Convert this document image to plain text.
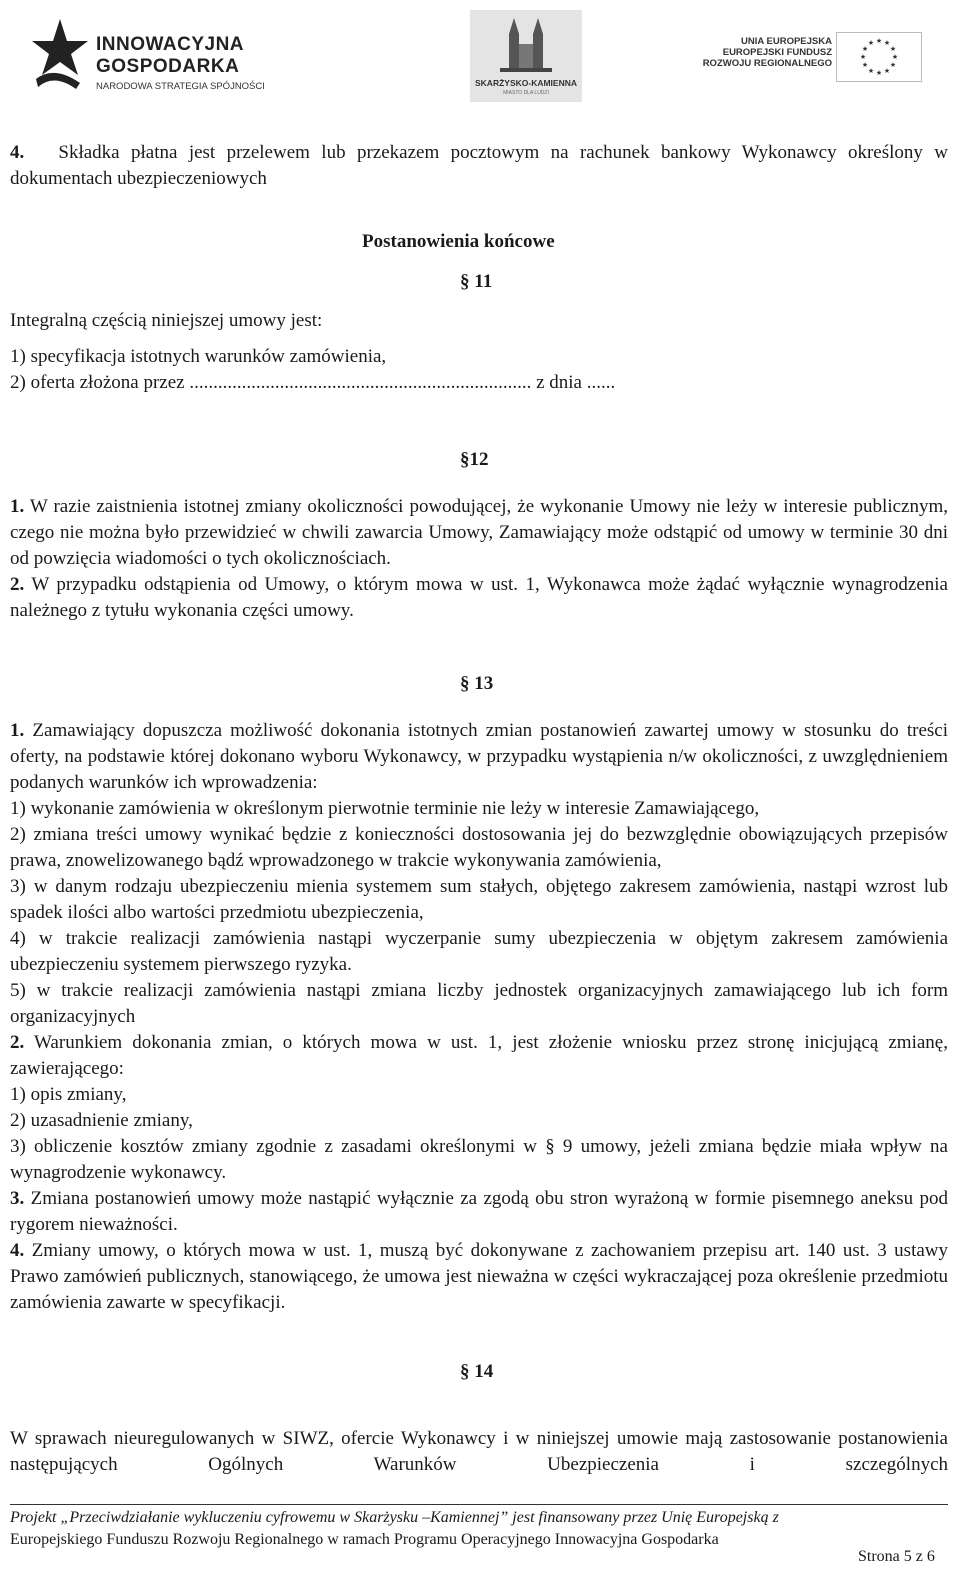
INNOWACYJNA
GOSPODARKA
NARODOWA STRATEGIA SPÓJNOŚCI	SKARŻYSKO-KAMIENNA
MIASTO DLA LUDZI
UNIA EUROPEJSKA
EUROPEJSKI FUNDUSZ
ROZWOJU REGIONALNEGO
★ ★
★
★
★
★
★
★
★
★
★
★

4. Składka płatna jest przelewem lub przekazem pocztowym na rachunek bankowy Wykonawcy określony w dokumentach ubezpieczeniowych

Postanowienia końcowe
§ 11

Integralną częścią niniejszej umowy jest:

1) specyfikacja istotnych warunków zamówienia,

2) oferta złożona przez ........................................................................ z dnia ......

§12

1. W razie zaistnienia istotnej zmiany okoliczności powodującej, że wykonanie Umowy nie leży w interesie publicznym, czego nie można było przewidzieć w chwili zawarcia Umowy, Zamawiający może odstąpić od umowy w terminie 30 dni od powzięcia wiadomości o tych okolicznościach.

2. W przypadku odstąpienia od Umowy, o którym mowa w ust. 1, Wykonawca może żądać wyłącznie wynagrodzenia należnego z tytułu wykonania części umowy.

§ 13

1. Zamawiający dopuszcza możliwość dokonania istotnych zmian postanowień zawartej umowy w stosunku do treści oferty, na podstawie której dokonano wyboru Wykonawcy, w przypadku wystąpienia n/w okoliczności, z uwzględnieniem podanych warunków ich wprowadzenia:

1) wykonanie zamówienia w określonym pierwotnie terminie nie leży w interesie Zamawiającego,

2) zmiana treści umowy wynikać będzie z konieczności dostosowania jej do bezwzględnie obowiązujących przepisów prawa, znowelizowanego bądź wprowadzonego w trakcie wykonywania zamówienia,

3) w danym rodzaju ubezpieczeniu mienia systemem sum stałych, objętego zakresem zamówienia, nastąpi wzrost lub spadek ilości albo wartości przedmiotu ubezpieczenia,

4) w trakcie realizacji zamówienia nastąpi wyczerpanie sumy ubezpieczenia w objętym zakresem zamówienia ubezpieczeniu systemem pierwszego ryzyka.

5) w trakcie realizacji zamówienia nastąpi zmiana liczby jednostek organizacyjnych zamawiającego lub ich form organizacyjnych

2. Warunkiem dokonania zmian, o których mowa w ust. 1, jest złożenie wniosku przez stronę inicjującą zmianę, zawierającego:

1) opis zmiany,

2) uzasadnienie zmiany,

3) obliczenie kosztów zmiany zgodnie z zasadami określonymi w § 9 umowy, jeżeli zmiana będzie miała wpływ na wynagrodzenie wykonawcy.

3. Zmiana postanowień umowy może nastąpić wyłącznie za zgodą obu stron wyrażoną w formie pisemnego aneksu pod rygorem nieważności.

4. Zmiany umowy, o których mowa w ust. 1, muszą być dokonywane z zachowaniem przepisu art. 140 ust. 3 ustawy Prawo zamówień publicznych, stanowiącego, że umowa jest nieważna w części wykraczającej poza określenie przedmiotu zamówienia zawarte w specyfikacji.

§ 14

W sprawach nieuregulowanych w SIWZ, ofercie Wykonawcy i w niniejszej umowie mają zastosowanie postanowienia następujących Ogólnych Warunków Ubezpieczenia i szczególnych

Projekt „Przeciwdziałanie wykluczeniu cyfrowemu w Skarżysku –Kamiennej” jest finansowany przez Unię Europejską z
Europejskiego Funduszu Rozwoju Regionalnego w ramach Programu Operacyjnego Innowacyjna Gospodarka
Strona 5 z 6
